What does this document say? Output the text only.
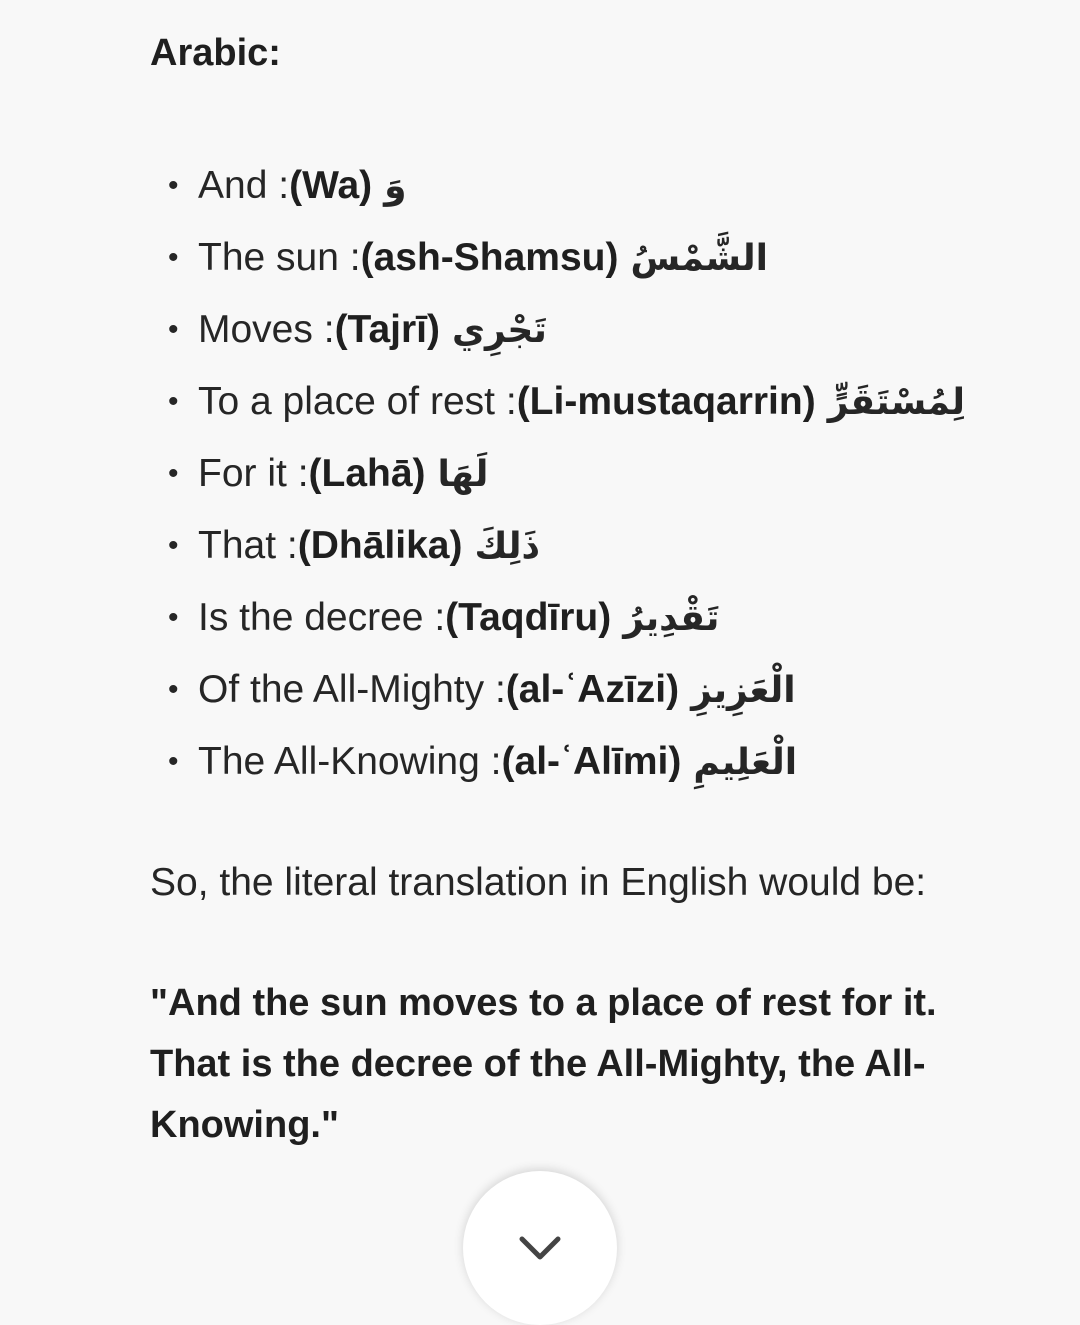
Arabic:
• And :(Wa) وَ
• The sun :(ash-Shamsu) الشَّمْسُ
• Moves :(Tajrī) تَجْرِي
• To a place of rest :(Li-mustaqarrin) لِمُسْتَقَرٍّ
• For it :(Lahā) لَهَا
• That :(Dhālika) ذَلِكَ
• Is the decree :(Taqdīru) تَقْدِيرُ
• Of the All-Mighty :(al-ʿAzīzi) الْعَزِيزِ
• The All-Knowing :(al-ʿAlīmi) الْعَلِيمِ

So, the literal translation in English would be:

"And the sun moves to a place of rest for it. That is the decree of the All-Mighty, the All-Knowing."
